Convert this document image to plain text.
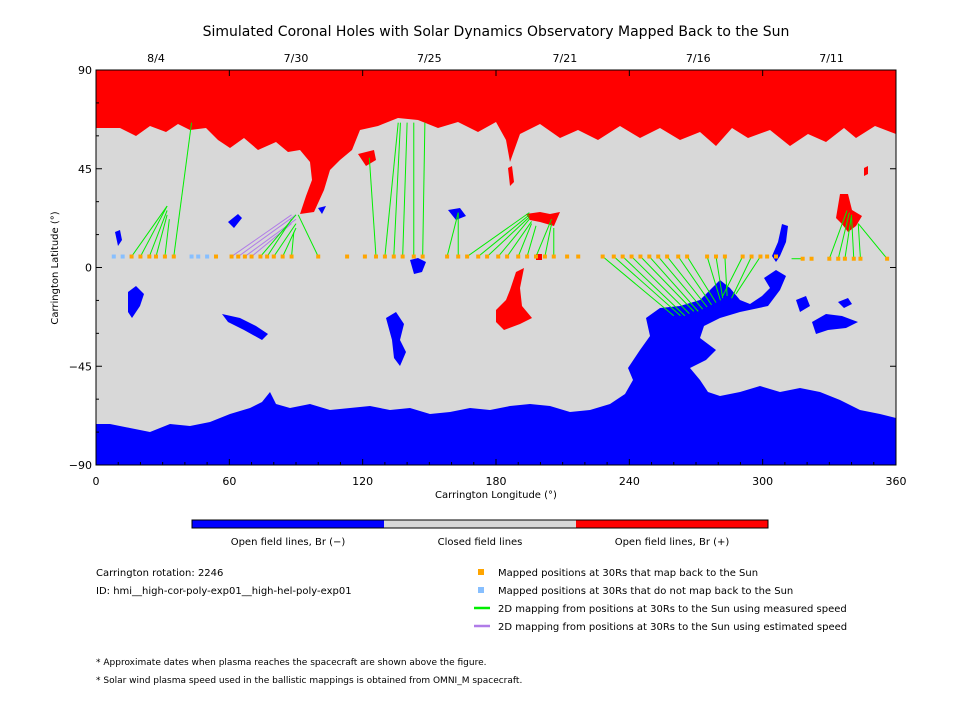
Simulated Coronal Holes with Solar Dynamics Observatory Mapped Back to the Sun
0	60	120	180	240	300	360
90
45
0
−45
−90
8/4	7/30	7/25	7/21	7/16	7/11
Carrington Longitude (°)
Carrington Latitude (°)
Open field lines, Br (−)	Closed field lines	Open field lines, Br (+)
Carrington rotation: 2246
ID: hmi__high-cor-poly-exp01__high-hel-poly-exp01
Mapped positions at 30Rs that map back to the Sun
Mapped positions at 30Rs that do not map back to the Sun
2D mapping from positions at 30Rs to the Sun using measured speed
2D mapping from positions at 30Rs to the Sun using estimated speed
* Approximate dates when plasma reaches the spacecraft are shown above the figure.
* Solar wind plasma speed used in the ballistic mappings is obtained from OMNI_M spacecraft.
